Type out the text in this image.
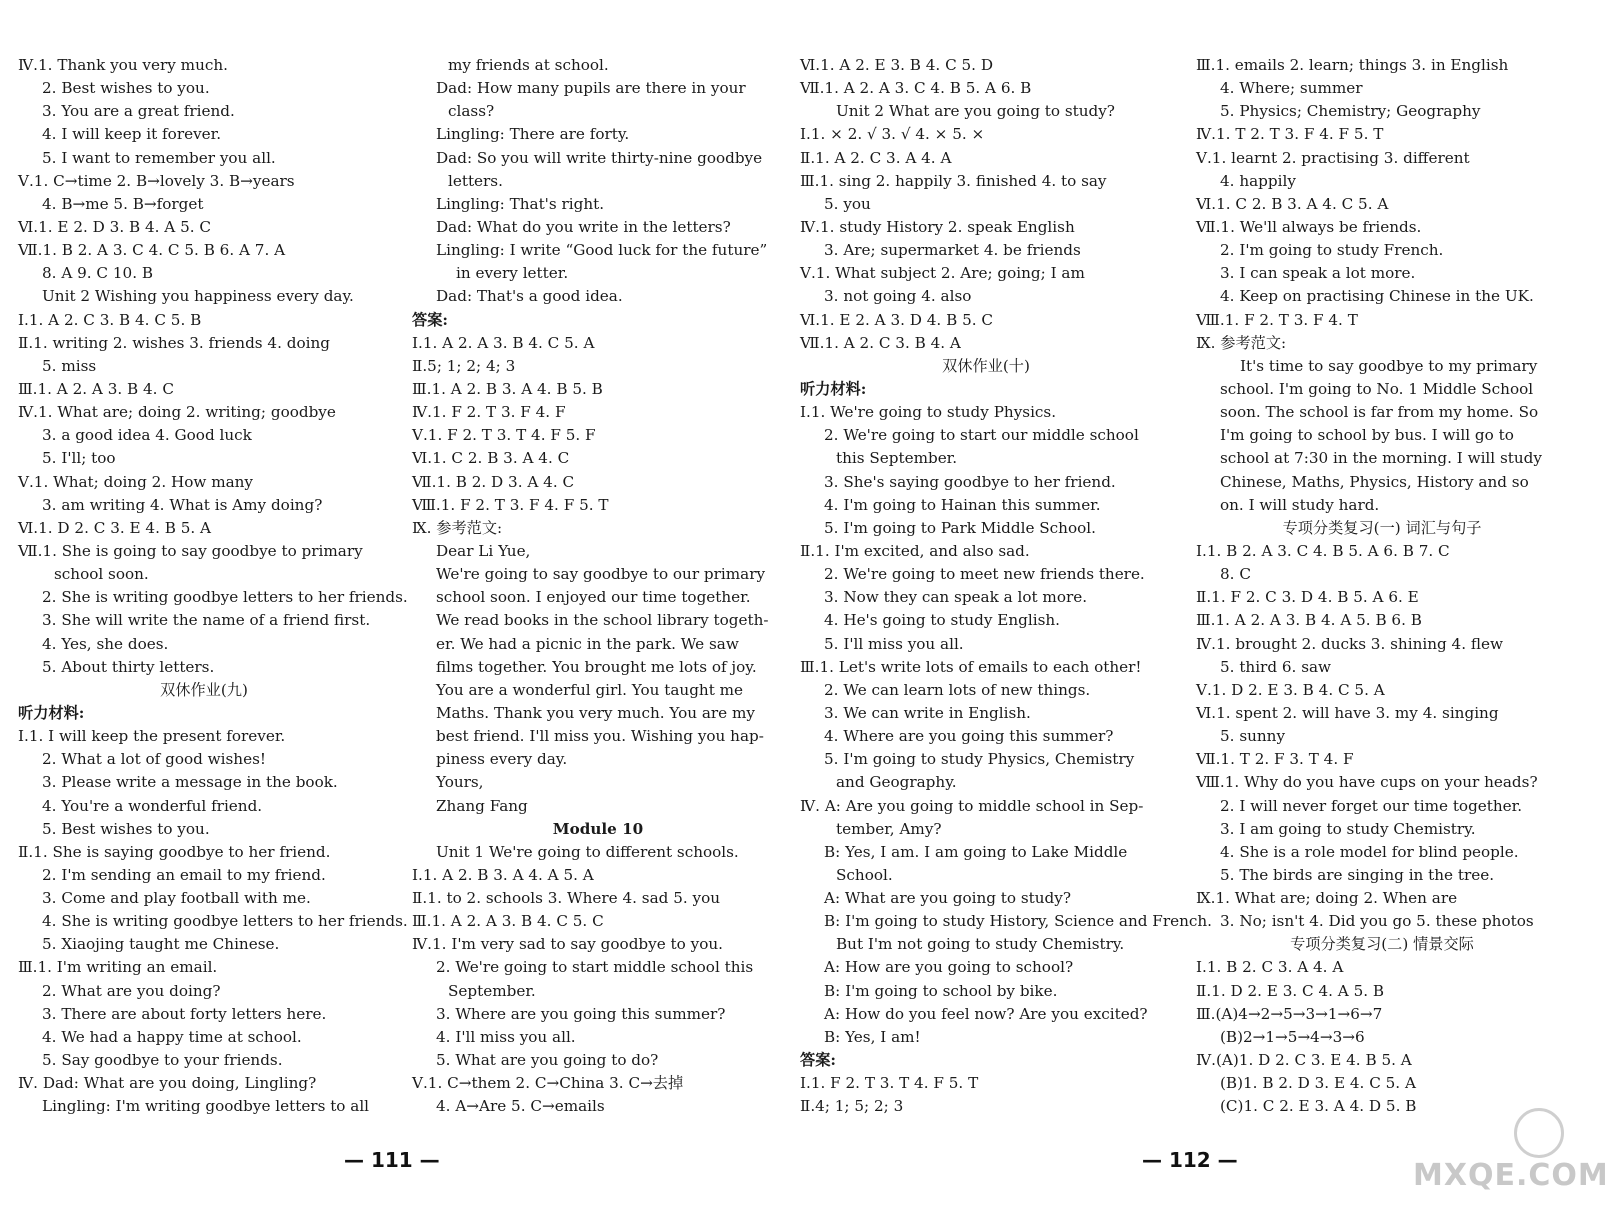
Ⅳ.1. Thank you very much.
2. Best wishes to you.
3. You are a great friend.
4. I will keep it forever.
5. I want to remember you all.
Ⅴ.1. C→time 2. B→lovely 3. B→years
4. B→me 5. B→forget
Ⅵ.1. E 2. D 3. B 4. A 5. C
Ⅶ.1. B 2. A 3. C 4. C 5. B 6. A 7. A
8. A 9. C 10. B
Unit 2 Wishing you happiness every day.
Ⅰ.1. A 2. C 3. B 4. C 5. B
Ⅱ.1. writing 2. wishes 3. friends 4. doing
5. miss
Ⅲ.1. A 2. A 3. B 4. C
Ⅳ.1. What are; doing 2. writing; goodbye
3. a good idea 4. Good luck
5. I'll; too
Ⅴ.1. What; doing 2. How many
3. am writing 4. What is Amy doing?
Ⅵ.1. D 2. C 3. E 4. B 5. A
Ⅶ.1. She is going to say goodbye to primary
school soon.
2. She is writing goodbye letters to her friends.
3. She will write the name of a friend first.
4. Yes, she does.
5. About thirty letters.
双休作业(九)
听力材料:
Ⅰ.1. I will keep the present forever.
2. What a lot of good wishes!
3. Please write a message in the book.
4. You're a wonderful friend.
5. Best wishes to you.
Ⅱ.1. She is saying goodbye to her friend.
2. I'm sending an email to my friend.
3. Come and play football with me.
4. She is writing goodbye letters to her friends.
5. Xiaojing taught me Chinese.
Ⅲ.1. I'm writing an email.
2. What are you doing?
3. There are about forty letters here.
4. We had a happy time at school.
5. Say goodbye to your friends.
Ⅳ. Dad: What are you doing, Lingling?
Lingling: I'm writing goodbye letters to all
my friends at school.
Dad: How many pupils are there in your
class?
Lingling: There are forty.
Dad: So you will write thirty-nine goodbye
letters.
Lingling: That's right.
Dad: What do you write in the letters?
Lingling: I write “Good luck for the future”
in every letter.
Dad: That's a good idea.
答案:
Ⅰ.1. A 2. A 3. B 4. C 5. A
Ⅱ.5; 1; 2; 4; 3
Ⅲ.1. A 2. B 3. A 4. B 5. B
Ⅳ.1. F 2. T 3. F 4. F
Ⅴ.1. F 2. T 3. T 4. F 5. F
Ⅵ.1. C 2. B 3. A 4. C
Ⅶ.1. B 2. D 3. A 4. C
Ⅷ.1. F 2. T 3. F 4. F 5. T
Ⅸ. 参考范文:
Dear Li Yue,
We're going to say goodbye to our primary
school soon. I enjoyed our time together.
We read books in the school library togeth-
er. We had a picnic in the park. We saw
films together. You brought me lots of joy.
You are a wonderful girl. You taught me
Maths. Thank you very much. You are my
best friend. I'll miss you. Wishing you hap-
piness every day.
Yours,
Zhang Fang
Module 10
Unit 1 We're going to different schools.
Ⅰ.1. A 2. B 3. A 4. A 5. A
Ⅱ.1. to 2. schools 3. Where 4. sad 5. you
Ⅲ.1. A 2. A 3. B 4. C 5. C
Ⅳ.1. I'm very sad to say goodbye to you.
2. We're going to start middle school this
September.
3. Where are you going this summer?
4. I'll miss you all.
5. What are you going to do?
Ⅴ.1. C→them 2. C→China 3. C→去掉
4. A→Are 5. C→emails
Ⅵ.1. A 2. E 3. B 4. C 5. D
Ⅶ.1. A 2. A 3. C 4. B 5. A 6. B
Unit 2 What are you going to study?
Ⅰ.1. × 2. √ 3. √ 4. × 5. ×
Ⅱ.1. A 2. C 3. A 4. A
Ⅲ.1. sing 2. happily 3. finished 4. to say
5. you
Ⅳ.1. study History 2. speak English
3. Are; supermarket 4. be friends
Ⅴ.1. What subject 2. Are; going; I am
3. not going 4. also
Ⅵ.1. E 2. A 3. D 4. B 5. C
Ⅶ.1. A 2. C 3. B 4. A
双休作业(十)
听力材料:
Ⅰ.1. We're going to study Physics.
2. We're going to start our middle school
this September.
3. She's saying goodbye to her friend.
4. I'm going to Hainan this summer.
5. I'm going to Park Middle School.
Ⅱ.1. I'm excited, and also sad.
2. We're going to meet new friends there.
3. Now they can speak a lot more.
4. He's going to study English.
5. I'll miss you all.
Ⅲ.1. Let's write lots of emails to each other!
2. We can learn lots of new things.
3. We can write in English.
4. Where are you going this summer?
5. I'm going to study Physics, Chemistry
and Geography.
Ⅳ. A: Are you going to middle school in Sep-
tember, Amy?
B: Yes, I am. I am going to Lake Middle
School.
A: What are you going to study?
B: I'm going to study History, Science and French.
But I'm not going to study Chemistry.
A: How are you going to school?
B: I'm going to school by bike.
A: How do you feel now? Are you excited?
B: Yes, I am!
答案:
Ⅰ.1. F 2. T 3. T 4. F 5. T
Ⅱ.4; 1; 5; 2; 3
Ⅲ.1. emails 2. learn; things 3. in English
4. Where; summer
5. Physics; Chemistry; Geography
Ⅳ.1. T 2. T 3. F 4. F 5. T
Ⅴ.1. learnt 2. practising 3. different
4. happily
Ⅵ.1. C 2. B 3. A 4. C 5. A
Ⅶ.1. We'll always be friends.
2. I'm going to study French.
3. I can speak a lot more.
4. Keep on practising Chinese in the UK.
Ⅷ.1. F 2. T 3. F 4. T
Ⅸ. 参考范文:
It's time to say goodbye to my primary
school. I'm going to No. 1 Middle School
soon. The school is far from my home. So
I'm going to school by bus. I will go to
school at 7:30 in the morning. I will study
Chinese, Maths, Physics, History and so
on. I will study hard.
专项分类复习(一) 词汇与句子
Ⅰ.1. B 2. A 3. C 4. B 5. A 6. B 7. C
8. C
Ⅱ.1. F 2. C 3. D 4. B 5. A 6. E
Ⅲ.1. A 2. A 3. B 4. A 5. B 6. B
Ⅳ.1. brought 2. ducks 3. shining 4. flew
5. third 6. saw
Ⅴ.1. D 2. E 3. B 4. C 5. A
Ⅵ.1. spent 2. will have 3. my 4. singing
5. sunny
Ⅶ.1. T 2. F 3. T 4. F
Ⅷ.1. Why do you have cups on your heads?
2. I will never forget our time together.
3. I am going to study Chemistry.
4. She is a role model for blind people.
5. The birds are singing in the tree.
Ⅸ.1. What are; doing 2. When are
3. No; isn't 4. Did you go 5. these photos
专项分类复习(二) 情景交际
Ⅰ.1. B 2. C 3. A 4. A
Ⅱ.1. D 2. E 3. C 4. A 5. B
Ⅲ.(A)4→2→5→3→1→6→7
(B)2→1→5→4→3→6
Ⅳ.(A)1. D 2. C 3. E 4. B 5. A
(B)1. B 2. D 3. E 4. C 5. A
(C)1. C 2. E 3. A 4. D 5. B
— 111 —	— 112 —	MXQE.COM
